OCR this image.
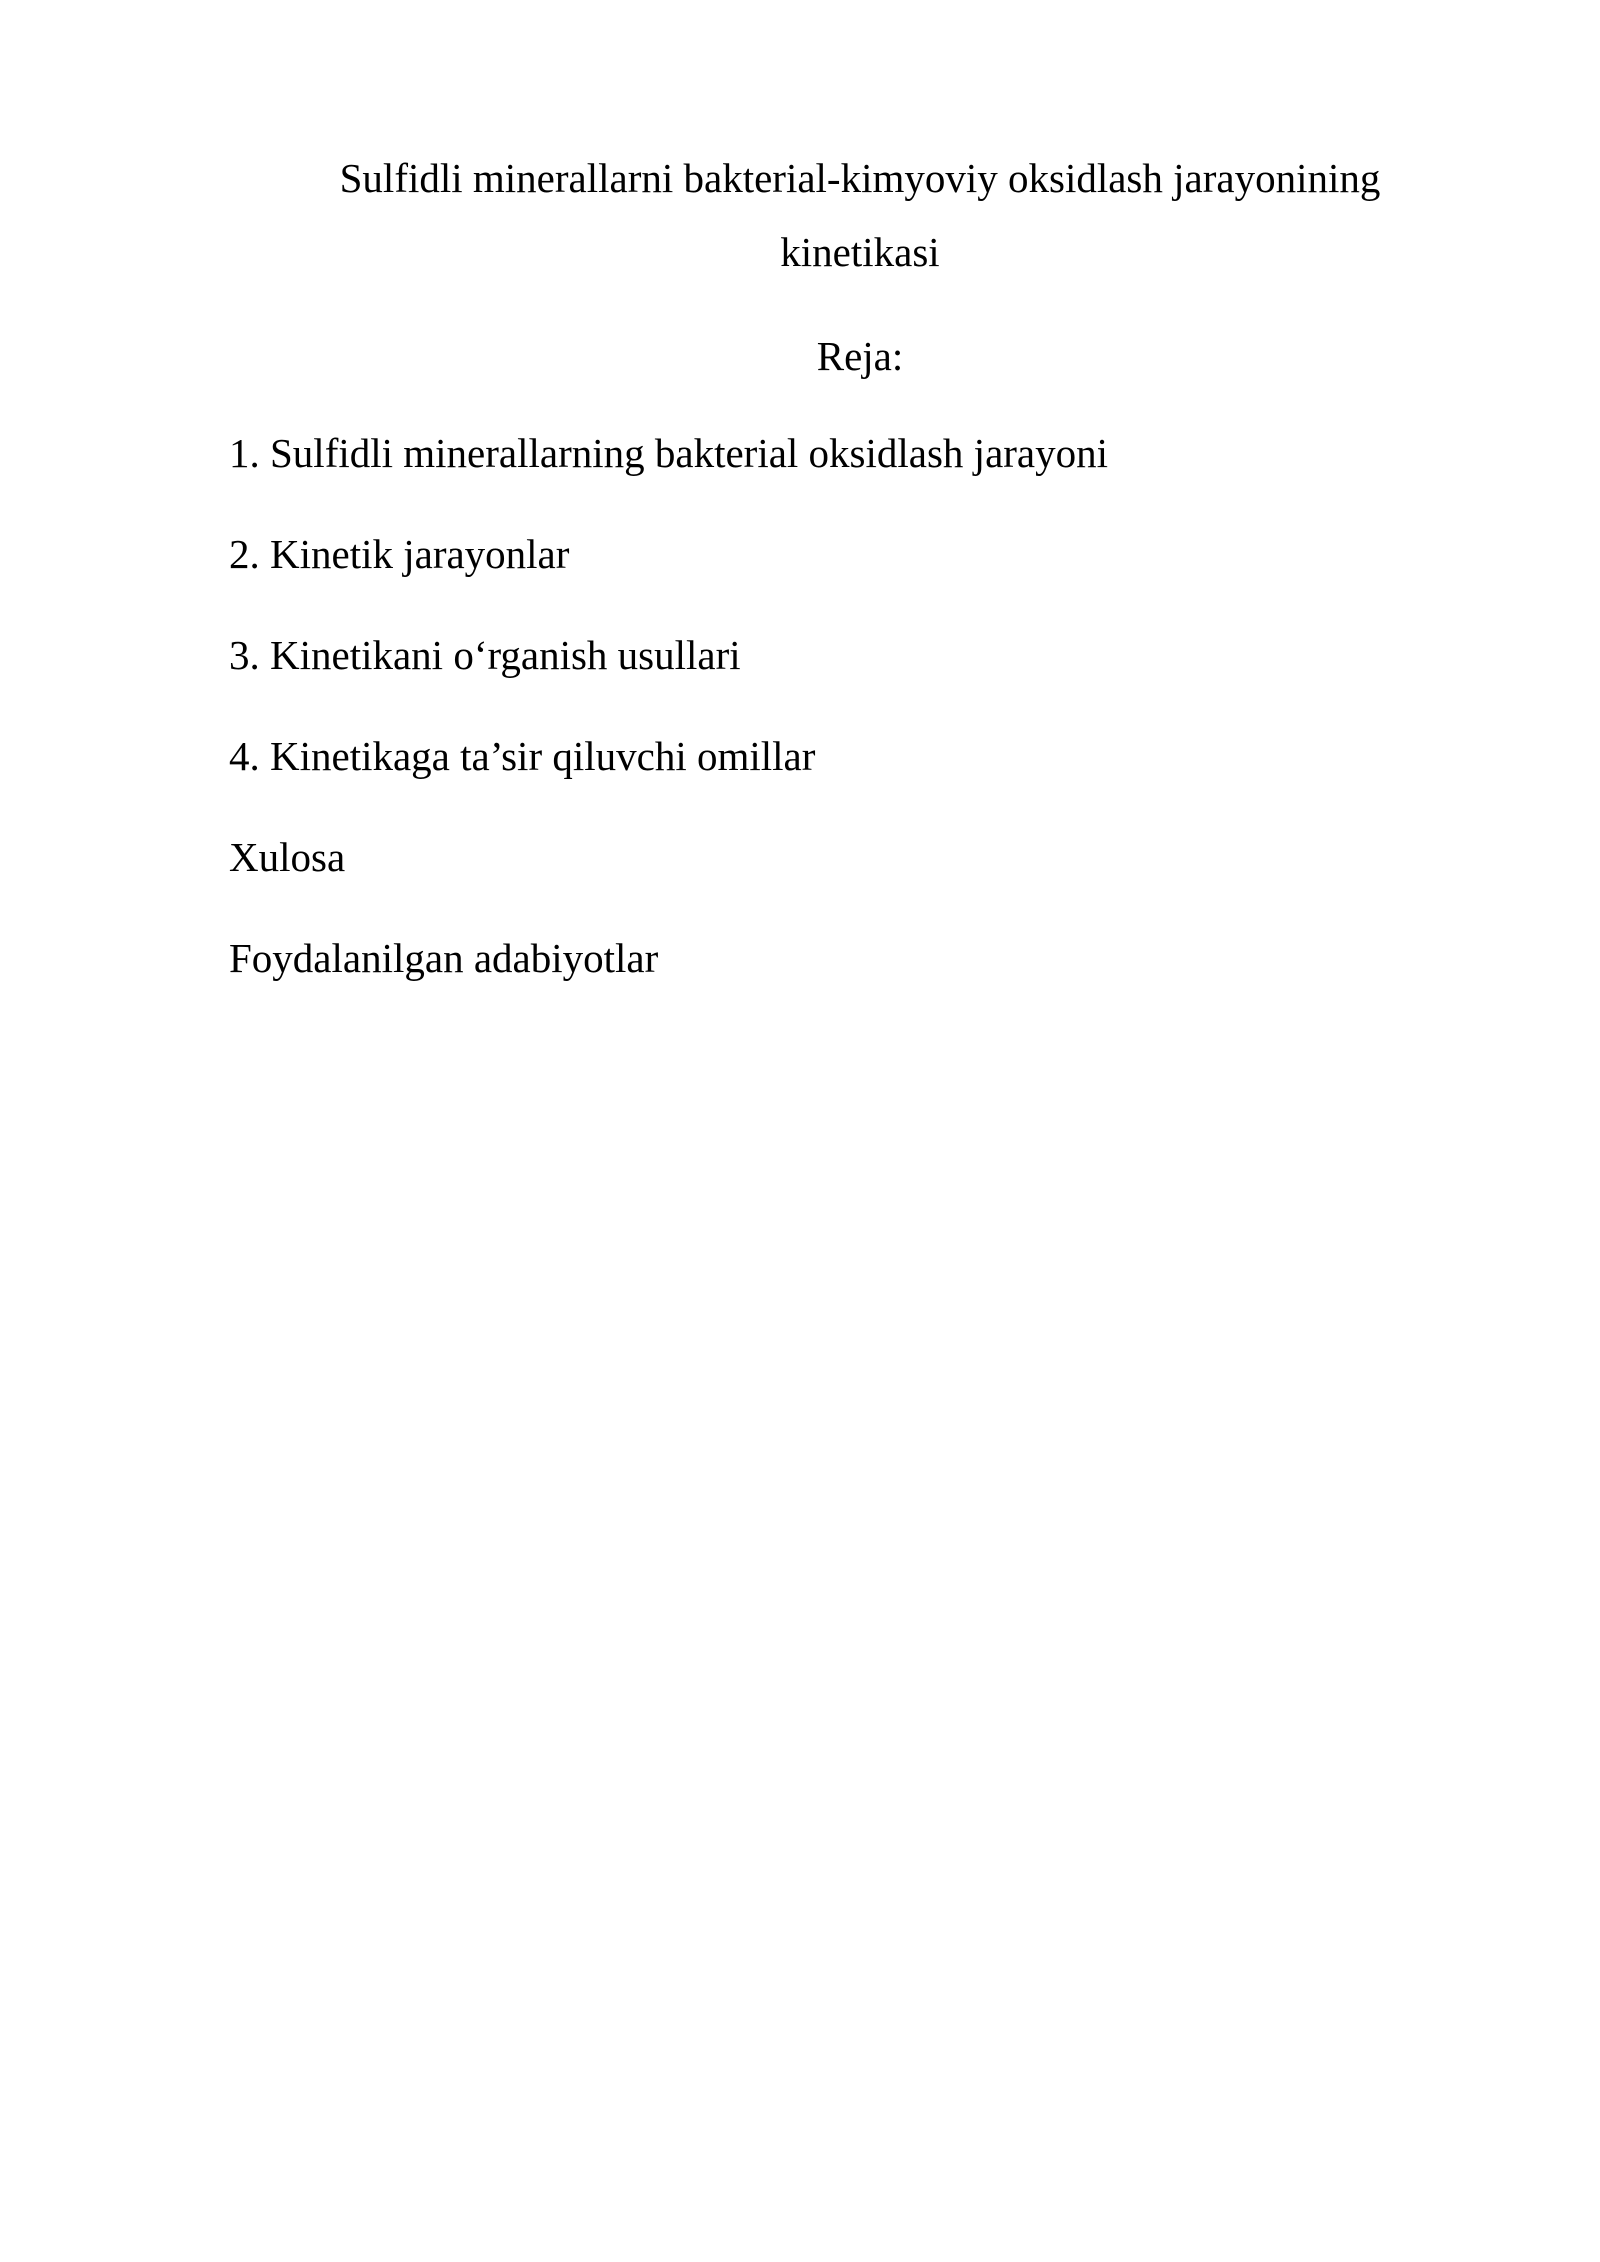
Sulfidli minerallarni bakterial-kimyoviy oksidlash jarayonining
kinetikasi
Reja:
1. Sulfidli minerallarning bakterial oksidlash jarayoni
2. Kinetik jarayonlar
3. Kinetikani o‘rganish usullari
4. Kinetikaga ta’sir qiluvchi omillar
Xulosa
Foydalanilgan adabiyotlar
